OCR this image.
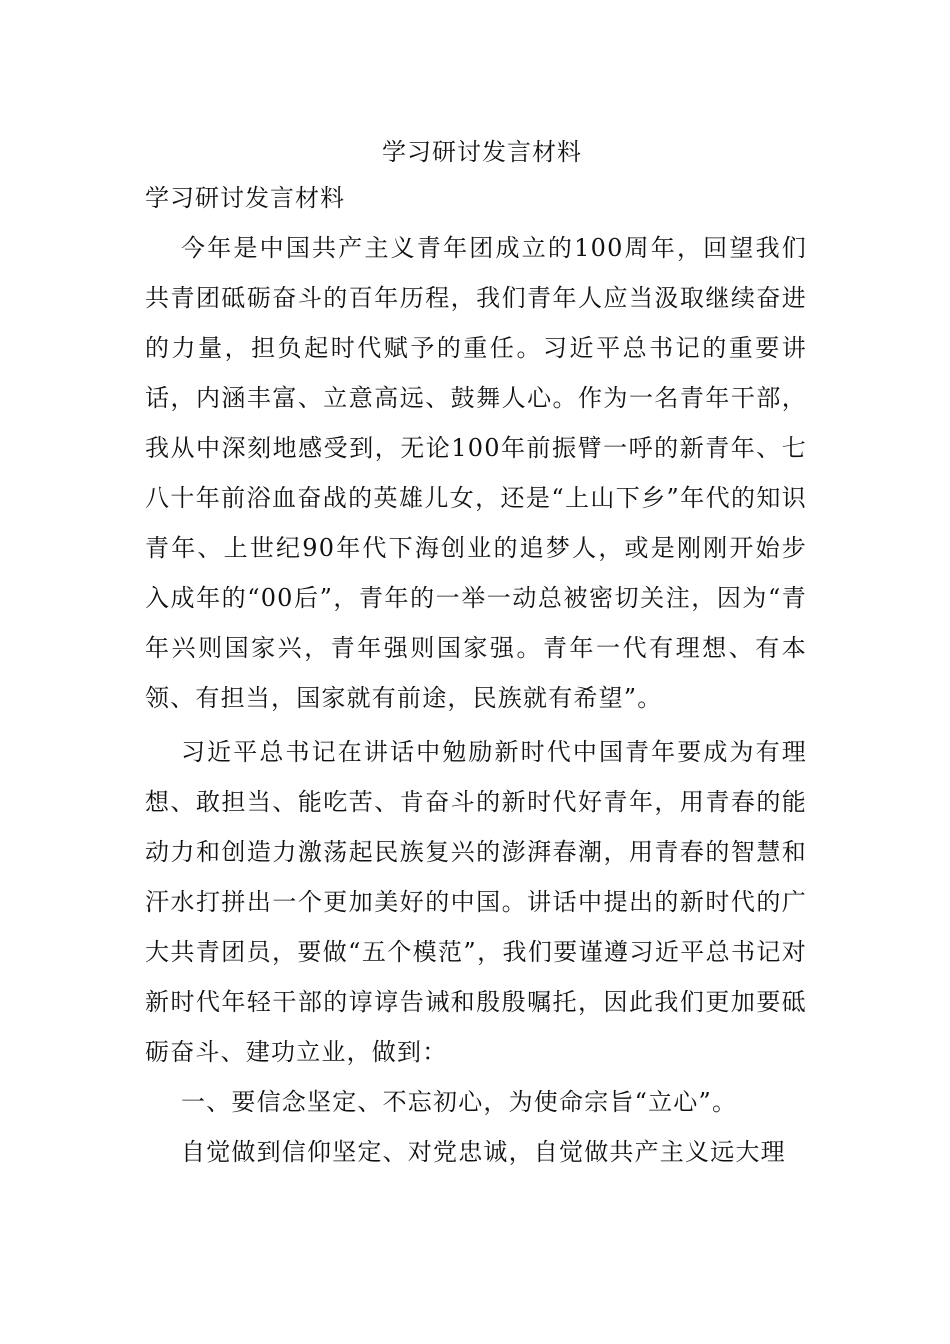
学习研讨发言材料

学习研讨发言材料

今年是中国共产主义青年团成立的100周年，回望我们共青团砥砺奋斗的百年历程，我们青年人应当汲取继续奋进的力量，担负起时代赋予的重任。习近平总书记的重要讲话，内涵丰富、立意高远、鼓舞人心。作为一名青年干部，我从中深刻地感受到，无论100年前振臂一呼的新青年、七八十年前浴血奋战的英雄儿女，还是“上山下乡”年代的知识青年、上世纪90年代下海创业的追梦人，或是刚刚开始步入成年的“00后”，青年的一举一动总被密切关注，因为“青年兴则国家兴，青年强则国家强。青年一代有理想、有本领、有担当，国家就有前途，民族就有希望”。

习近平总书记在讲话中勉励新时代中国青年要成为有理想、敢担当、能吃苦、肯奋斗的新时代好青年，用青春的能动力和创造力激荡起民族复兴的澎湃春潮，用青春的智慧和汗水打拼出一个更加美好的中国。讲话中提出的新时代的广大共青团员，要做“五个模范”，我们要谨遵习近平总书记对新时代年轻干部的谆谆告诫和殷殷嘱托，因此我们更加要砥砺奋斗、建功立业，做到：

一、要信念坚定、不忘初心，为使命宗旨“立心”。

自觉做到信仰坚定、对党忠诚，自觉做共产主义远大理
